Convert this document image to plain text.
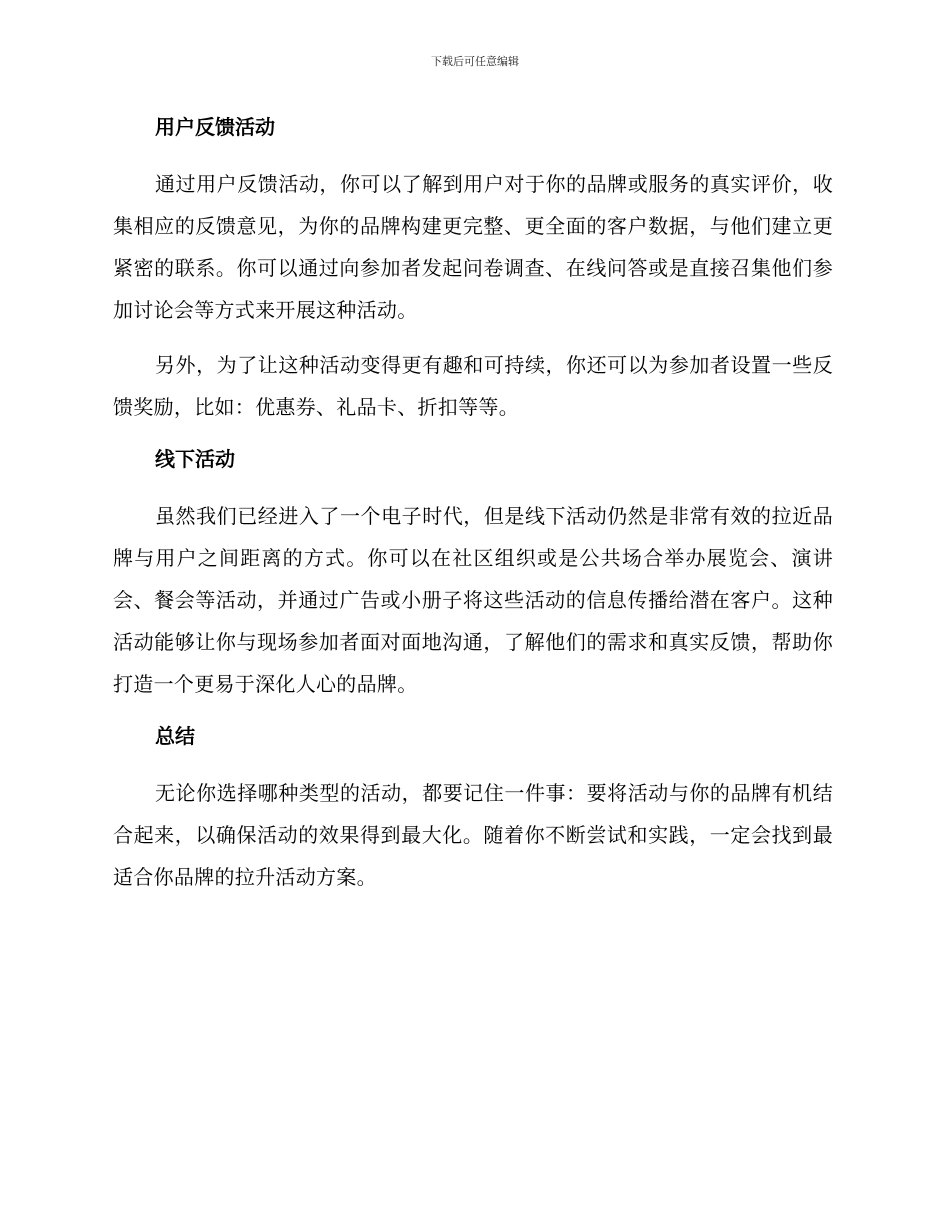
下载后可任意编辑
用户反馈活动

通过用户反馈活动，你可以了解到用户对于你的品牌或服务的真实评价，收集相应的反馈意见，为你的品牌构建更完整、更全面的客户数据，与他们建立更紧密的联系。你可以通过向参加者发起问卷调查、在线问答或是直接召集他们参加讨论会等方式来开展这种活动。

另外，为了让这种活动变得更有趣和可持续，你还可以为参加者设置一些反馈奖励，比如：优惠券、礼品卡、折扣等等。

线下活动

虽然我们已经进入了一个电子时代，但是线下活动仍然是非常有效的拉近品牌与用户之间距离的方式。你可以在社区组织或是公共场合举办展览会、演讲会、餐会等活动，并通过广告或小册子将这些活动的信息传播给潜在客户。这种活动能够让你与现场参加者面对面地沟通，了解他们的需求和真实反馈，帮助你打造一个更易于深化人心的品牌。

总结

无论你选择哪种类型的活动，都要记住一件事：要将活动与你的品牌有机结合起来，以确保活动的效果得到最大化。随着你不断尝试和实践，一定会找到最适合你品牌的拉升活动方案。
